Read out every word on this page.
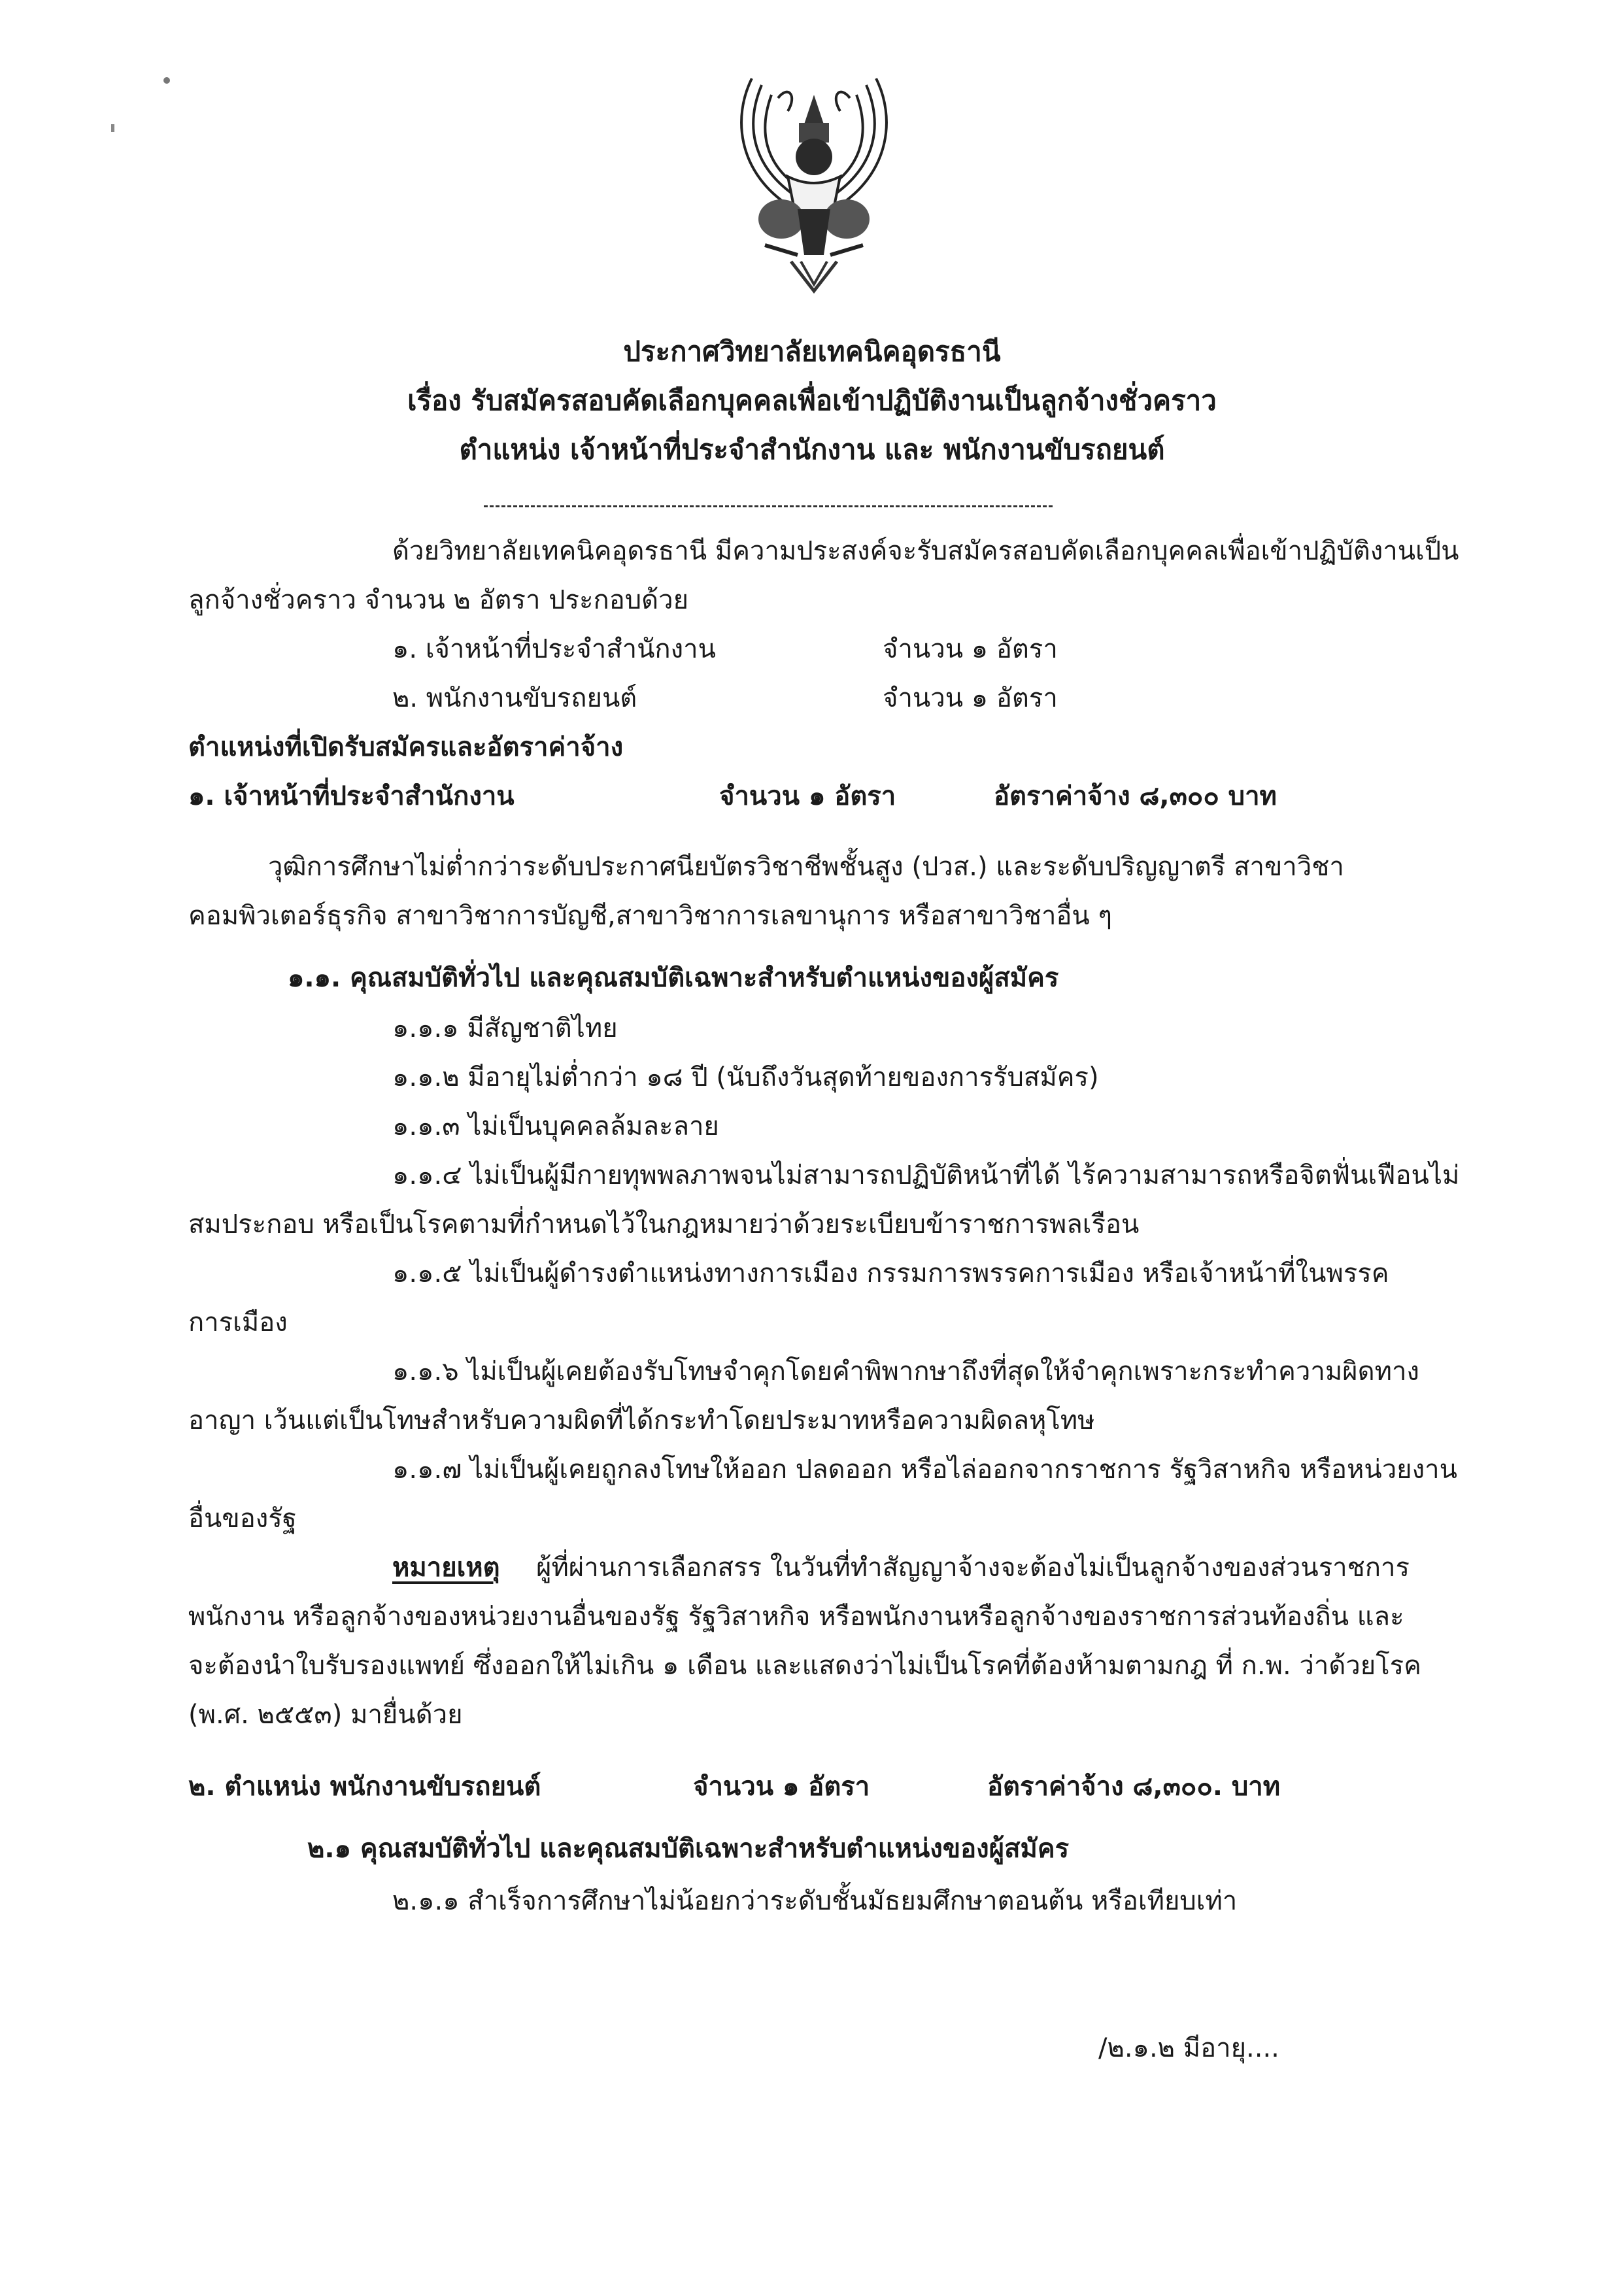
ประกาศวิทยาลัยเทคนิคอุดรธานี
เรื่อง รับสมัครสอบคัดเลือกบุคคลเพื่อเข้าปฏิบัติงานเป็นลูกจ้างชั่วคราว
ตำแหน่ง เจ้าหน้าที่ประจำสำนักงาน และ พนักงานขับรถยนต์
ด้วยวิทยาลัยเทคนิคอุดรธานี มีความประสงค์จะรับสมัครสอบคัดเลือกบุคคลเพื่อเข้าปฏิบัติงานเป็น
ลูกจ้างชั่วคราว จำนวน ๒ อัตรา ประกอบด้วย
๑. เจ้าหน้าที่ประจำสำนักงาน	จำนวน ๑ อัตรา
๒. พนักงานขับรถยนต์	จำนวน ๑ อัตรา
ตำแหน่งที่เปิดรับสมัครและอัตราค่าจ้าง
๑. เจ้าหน้าที่ประจำสำนักงาน	จำนวน ๑ อัตรา	อัตราค่าจ้าง ๘,๓๐๐ บาท
วุฒิการศึกษาไม่ต่ำกว่าระดับประกาศนียบัตรวิชาชีพชั้นสูง (ปวส.) และระดับปริญญาตรี สาขาวิชา
คอมพิวเตอร์ธุรกิจ สาขาวิชาการบัญชี,สาขาวิชาการเลขานุการ หรือสาขาวิชาอื่น ๆ
๑.๑. คุณสมบัติทั่วไป และคุณสมบัติเฉพาะสำหรับตำแหน่งของผู้สมัคร
๑.๑.๑ มีสัญชาติไทย
๑.๑.๒ มีอายุไม่ต่ำกว่า ๑๘ ปี (นับถึงวันสุดท้ายของการรับสมัคร)
๑.๑.๓ ไม่เป็นบุคคลล้มละลาย
๑.๑.๔ ไม่เป็นผู้มีกายทุพพลภาพจนไม่สามารถปฏิบัติหน้าที่ได้ ไร้ความสามารถหรือจิตฟั่นเฟือนไม่
สมประกอบ หรือเป็นโรคตามที่กำหนดไว้ในกฎหมายว่าด้วยระเบียบข้าราชการพลเรือน
๑.๑.๕ ไม่เป็นผู้ดำรงตำแหน่งทางการเมือง กรรมการพรรคการเมือง หรือเจ้าหน้าที่ในพรรค
การเมือง
๑.๑.๖ ไม่เป็นผู้เคยต้องรับโทษจำคุกโดยคำพิพากษาถึงที่สุดให้จำคุกเพราะกระทำความผิดทาง
อาญา เว้นแต่เป็นโทษสำหรับความผิดที่ได้กระทำโดยประมาทหรือความผิดลหุโทษ
๑.๑.๗ ไม่เป็นผู้เคยถูกลงโทษให้ออก ปลดออก หรือไล่ออกจากราชการ รัฐวิสาหกิจ หรือหน่วยงาน
อื่นของรัฐ
หมายเหตุ ผู้ที่ผ่านการเลือกสรร ในวันที่ทำสัญญาจ้างจะต้องไม่เป็นลูกจ้างของส่วนราชการ
พนักงาน หรือลูกจ้างของหน่วยงานอื่นของรัฐ รัฐวิสาหกิจ หรือพนักงานหรือลูกจ้างของราชการส่วนท้องถิ่น และ
จะต้องนำใบรับรองแพทย์ ซึ่งออกให้ไม่เกิน ๑ เดือน และแสดงว่าไม่เป็นโรคที่ต้องห้ามตามกฎ ที่ ก.พ. ว่าด้วยโรค
(พ.ศ. ๒๕๕๓) มายื่นด้วย
๒. ตำแหน่ง พนักงานขับรถยนต์	จำนวน ๑ อัตรา	อัตราค่าจ้าง ๘,๓๐๐. บาท
๒.๑ คุณสมบัติทั่วไป และคุณสมบัติเฉพาะสำหรับตำแหน่งของผู้สมัคร
๒.๑.๑ สำเร็จการศึกษาไม่น้อยกว่าระดับชั้นมัธยมศึกษาตอนต้น หรือเทียบเท่า
/๒.๑.๒ มีอายุ....
